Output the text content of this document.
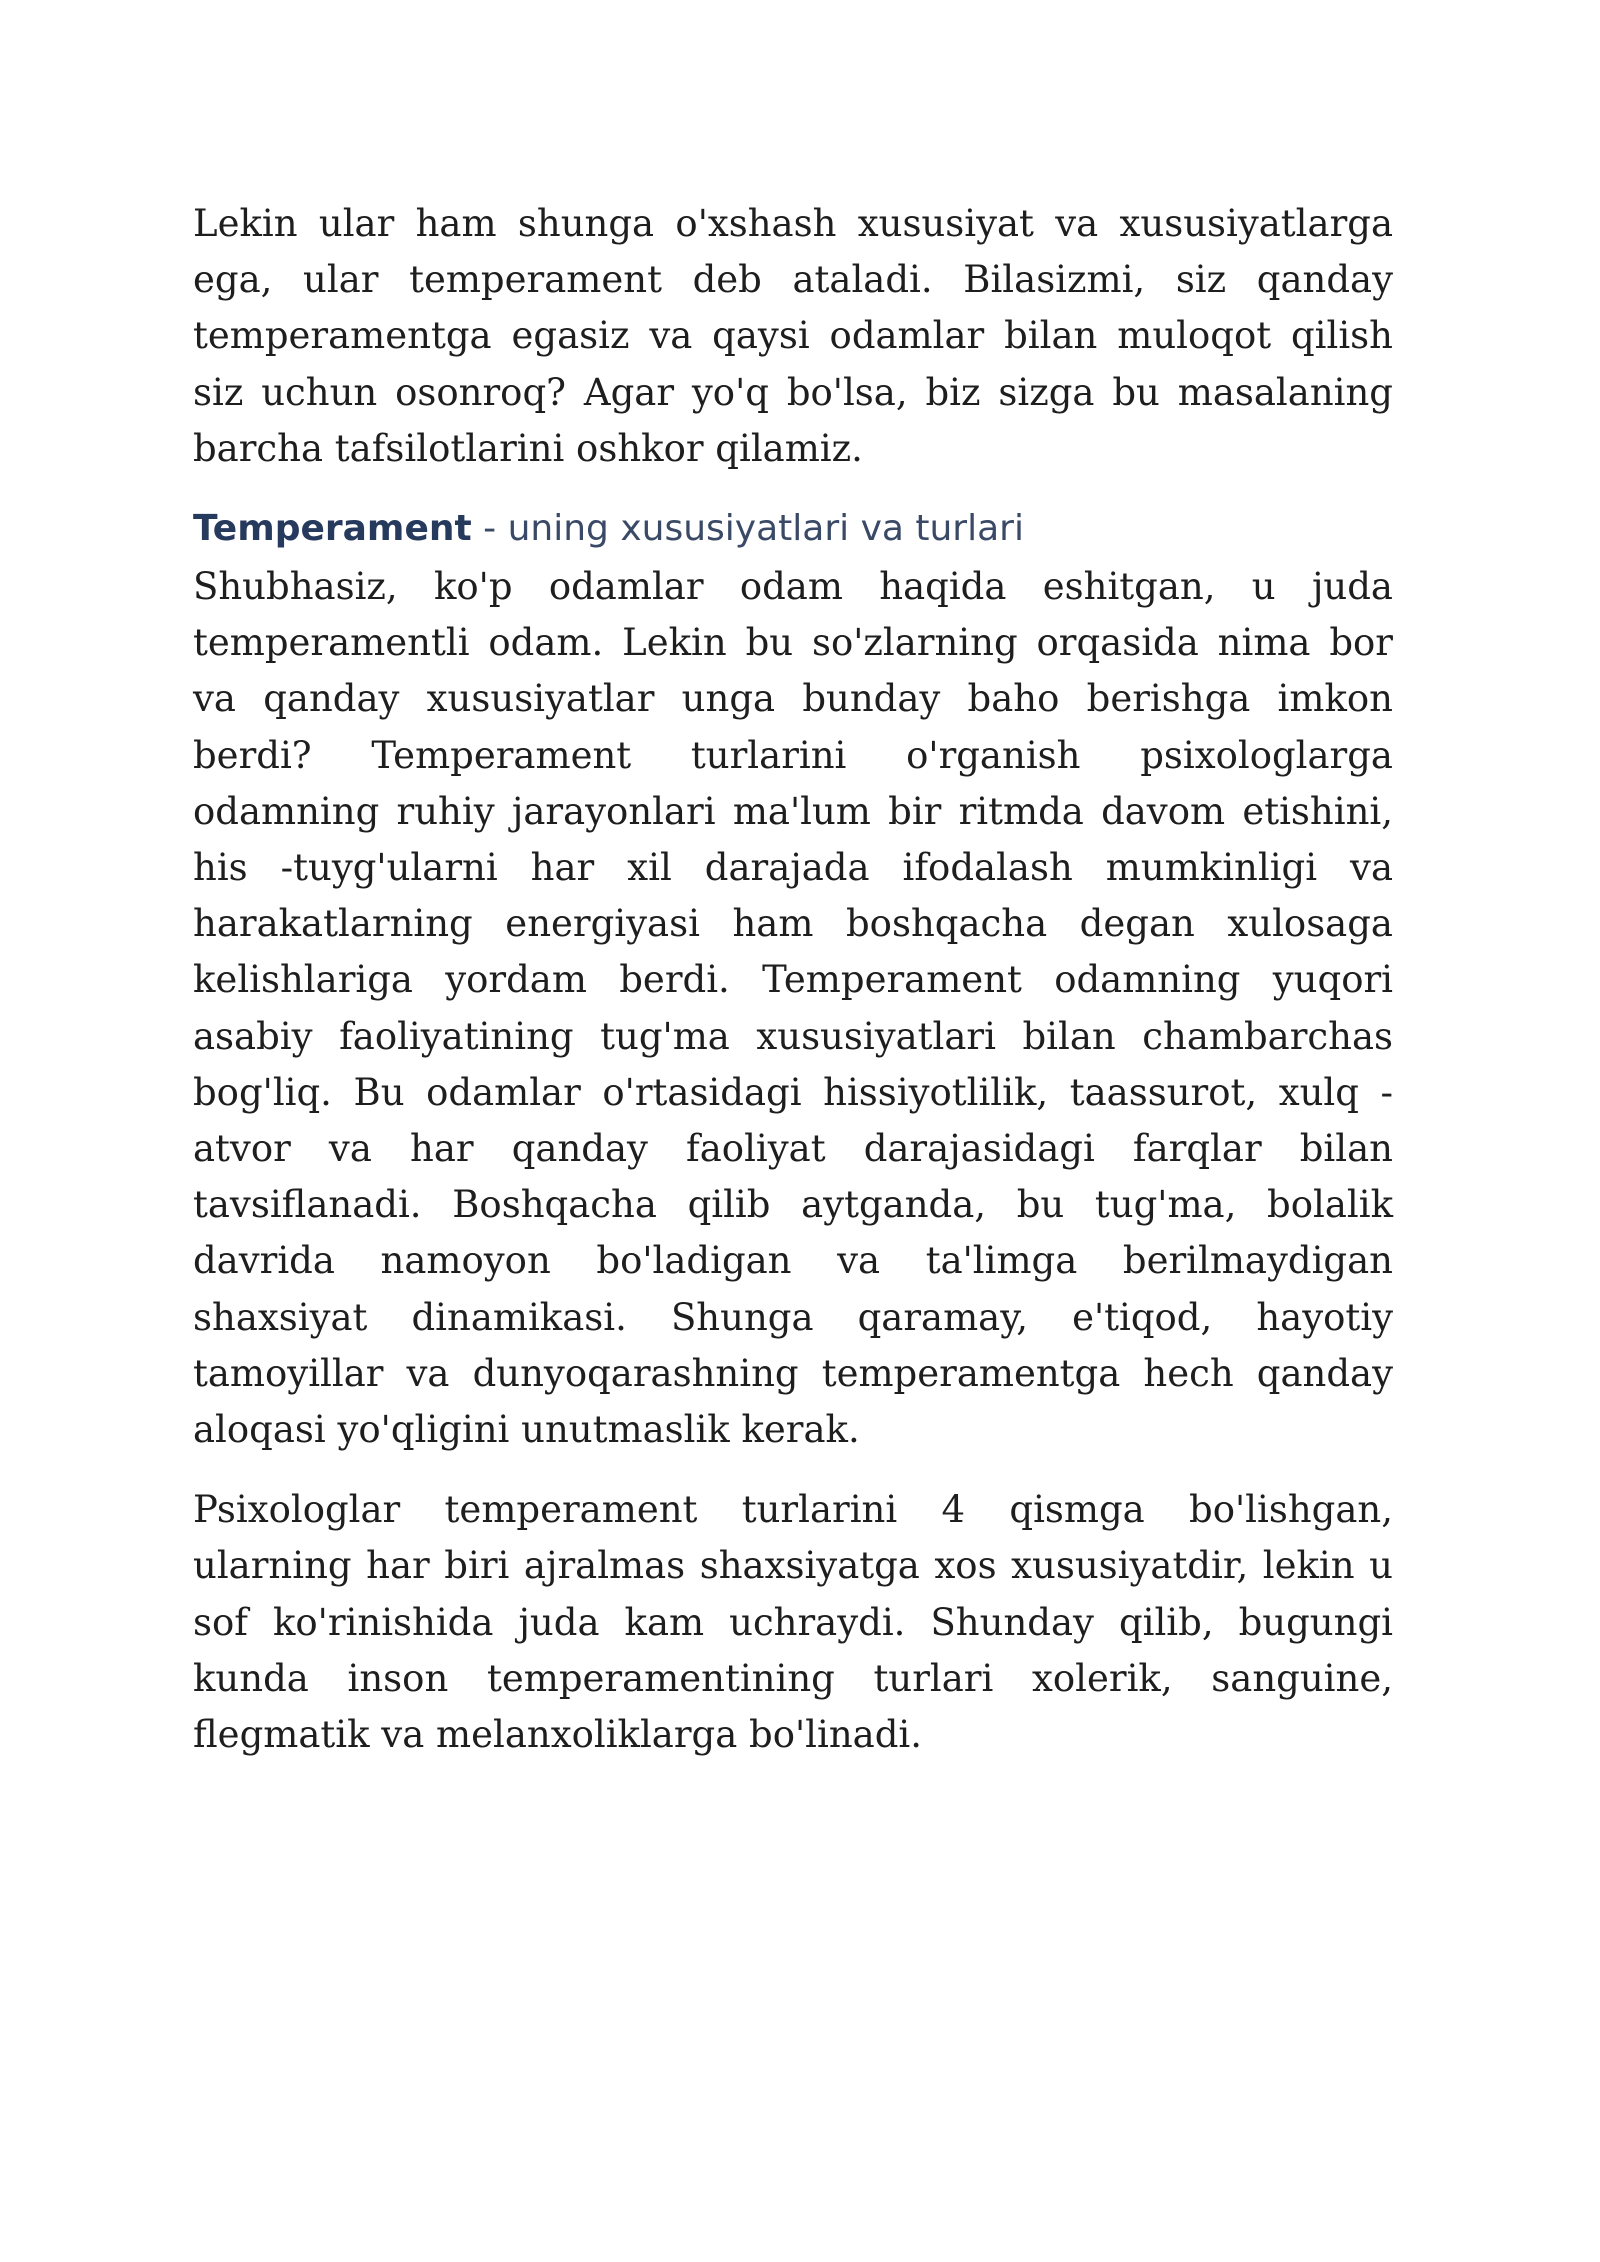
Lekin ular ham shunga o'xshash xususiyat va xususiyatlarga ega, ular temperament deb ataladi. Bilasizmi, siz qanday temperamentga egasiz va qaysi odamlar bilan muloqot qilish siz uchun osonroq? Agar yo'q bo'lsa, biz sizga bu masalaning barcha tafsilotlarini oshkor qilamiz.

Temperament - uning xususiyatlari va turlari

Shubhasiz, ko'p odamlar odam haqida eshitgan, u juda temperamentli odam. Lekin bu so'zlarning orqasida nima bor va qanday xususiyatlar unga bunday baho berishga imkon berdi? Temperament turlarini o'rganish psixologlarga odamning ruhiy jarayonlari ma'lum bir ritmda davom etishini, his -tuyg'ularni har xil darajada ifodalash mumkinligi va harakatlarning energiyasi ham boshqacha degan xulosaga kelishlariga yordam berdi. Temperament odamning yuqori asabiy faoliyatining tug'ma xususiyatlari bilan chambarchas bog'liq. Bu odamlar o'rtasidagi hissiyotlilik, taassurot, xulq -atvor va har qanday faoliyat darajasidagi farqlar bilan tavsiflanadi. Boshqacha qilib aytganda, bu tug'ma, bolalik davrida namoyon bo'ladigan va ta'limga berilmaydigan shaxsiyat dinamikasi. Shunga qaramay, e'tiqod, hayotiy tamoyillar va dunyoqarashning temperamentga hech qanday aloqasi yo'qligini unutmaslik kerak.

Psixologlar temperament turlarini 4 qismga bo'lishgan, ularning har biri ajralmas shaxsiyatga xos xususiyatdir, lekin u sof ko'rinishida juda kam uchraydi. Shunday qilib, bugungi kunda inson temperamentining turlari xolerik, sanguine, flegmatik va melanxoliklarga bo'linadi.
